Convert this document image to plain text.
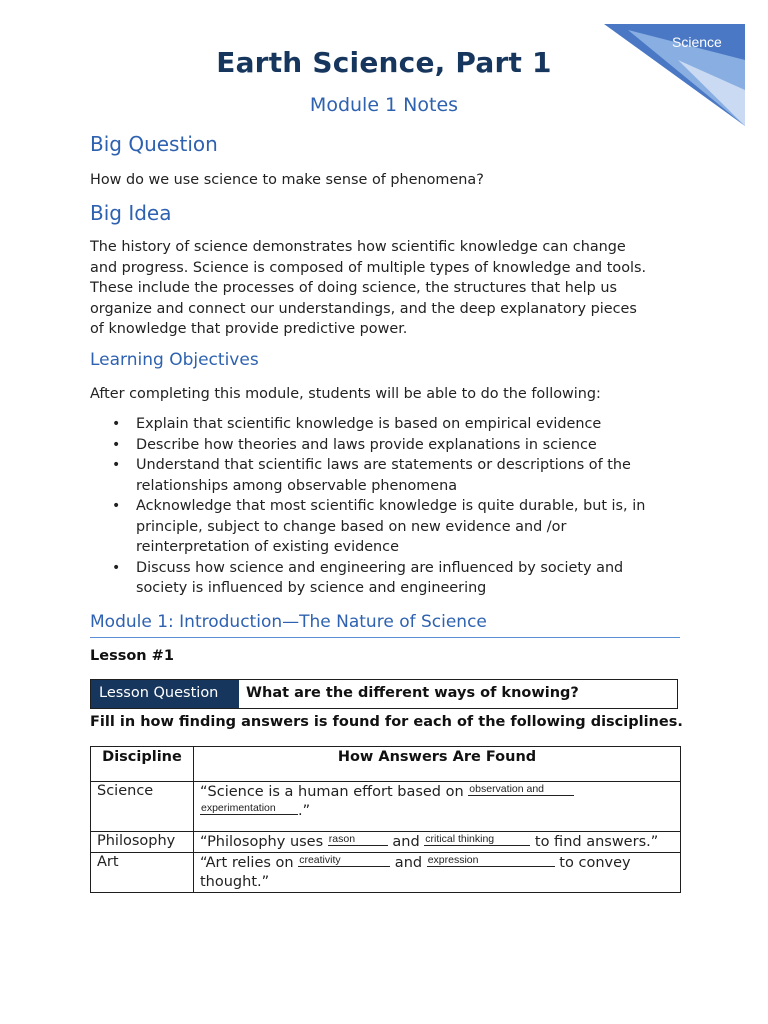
Science
Earth Science, Part 1
Module 1 Notes
Big Question
How do we use science to make sense of phenomena?
Big Idea
The history of science demonstrates how scientific knowledge can change
and progress. Science is composed of multiple types of knowledge and tools.
These include the processes of doing science, the structures that help us
organize and connect our understandings, and the deep explanatory pieces
of knowledge that provide predictive power.
Learning Objectives
After completing this module, students will be able to do the following:
• Explain that scientific knowledge is based on empirical evidence
• Describe how theories and laws provide explanations in science
• Understand that scientific laws are statements or descriptions of the
relationships among observable phenomena
• Acknowledge that most scientific knowledge is quite durable, but is, in
principle, subject to change based on new evidence and /or
reinterpretation of existing evidence
• Discuss how science and engineering are influenced by society and
society is influenced by science and engineering
Module 1: Introduction—The Nature of Science
Lesson #1
Lesson Question	What are the different ways of knowing?
Fill in how finding answers is found for each of the following disciplines.
Discipline	How Answers Are Found
Science	“Science is a human effort based on observation and
experimentation .”
Philosophy	“Philosophy uses rason and critical thinking to find answers.”
Art	“Art relies on creativity and expression to convey
thought.”
